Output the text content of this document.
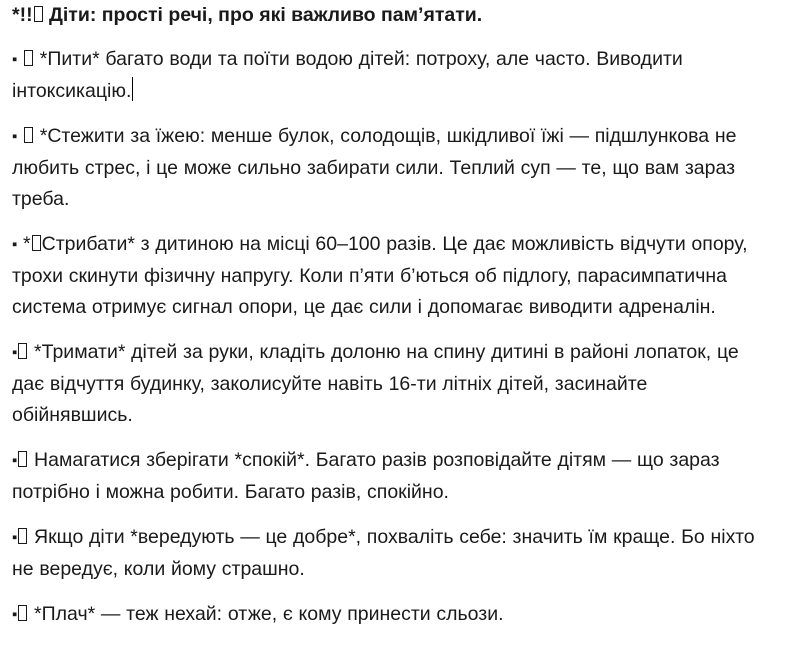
*!! Діти: прості речі, про які важливо пам’ятати.

▪  *Пити* багато води та поїти водою дітей: потроху, але часто. Виводити інтоксикацію.

▪  *Стежити за їжею: менше булок, солодощів, шкідливої їжі — підшлункова не любить стрес, і це може сильно забирати сили. Теплий суп — те, що вам зараз треба.

▪ * Стрибати* з дитиною на місці 60–100 разів. Це дає можливість відчути опору, трохи скинути фізичну напругу. Коли п’яти б’ються об підлогу, парасимпатична система отримує сигнал опори, це дає сили і допомагає виводити адреналін.

▪ *Тримати* дітей за руки, кладіть долоню на спину дитині в районі лопаток, це дає відчуття будинку, заколисуйте навіть 16-ти літніх дітей, засинайте обійнявшись.

▪ Намагатися зберігати *спокій*. Багато разів розповідайте дітям — що зараз потрібно і можна робити. Багато разів, спокійно.

▪ Якщо діти *вередують — це добре*, похваліть себе: значить їм краще. Бо ніхто не вередує, коли йому страшно.

▪ *Плач* — теж нехай: отже, є кому принести сльози.
